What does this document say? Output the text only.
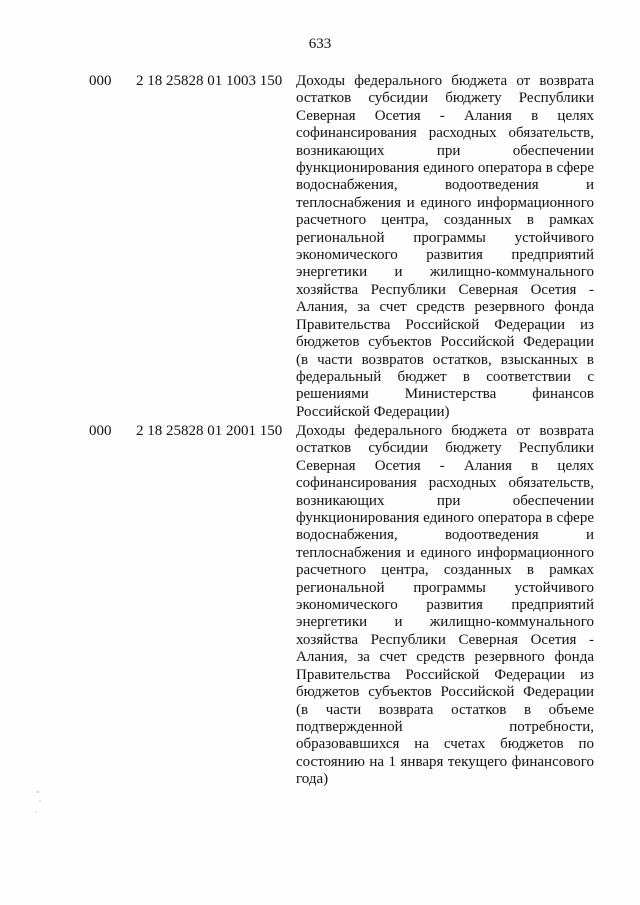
633
000 2 18 25828 01 1003 150 Доходы федерального бюджета от возврата остатков субсидии бюджету Республики Северная Осетия - Алания в целях софинансирования расходных обязательств, возникающих при обеспечении функционирования единого оператора в сфере водоснабжения, водоотведения и теплоснабжения и единого информационного расчетного центра, созданных в рамках региональной программы устойчивого экономического развития предприятий энергетики и жилищно-коммунального хозяйства Республики Северная Осетия - Алания, за счет средств резервного фонда Правительства Российской Федерации из бюджетов субъектов Российской Федерации (в части возвратов остатков, взысканных в федеральный бюджет в соответствии с решениями Министерства финансов Российской Федерации)
000 2 18 25828 01 2001 150 Доходы федерального бюджета от возврата остатков субсидии бюджету Республики Северная Осетия - Алания в целях софинансирования расходных обязательств, возникающих при обеспечении функционирования единого оператора в сфере водоснабжения, водоотведения и теплоснабжения и единого информационного расчетного центра, созданных в рамках региональной программы устойчивого экономического развития предприятий энергетики и жилищно-коммунального хозяйства Республики Северная Осетия - Алания, за счет средств резервного фонда Правительства Российской Федерации из бюджетов субъектов Российской Федерации (в части возврата остатков в объеме подтвержденной потребности, образовавшихся на счетах бюджетов по состоянию на 1 января текущего финансового года)
